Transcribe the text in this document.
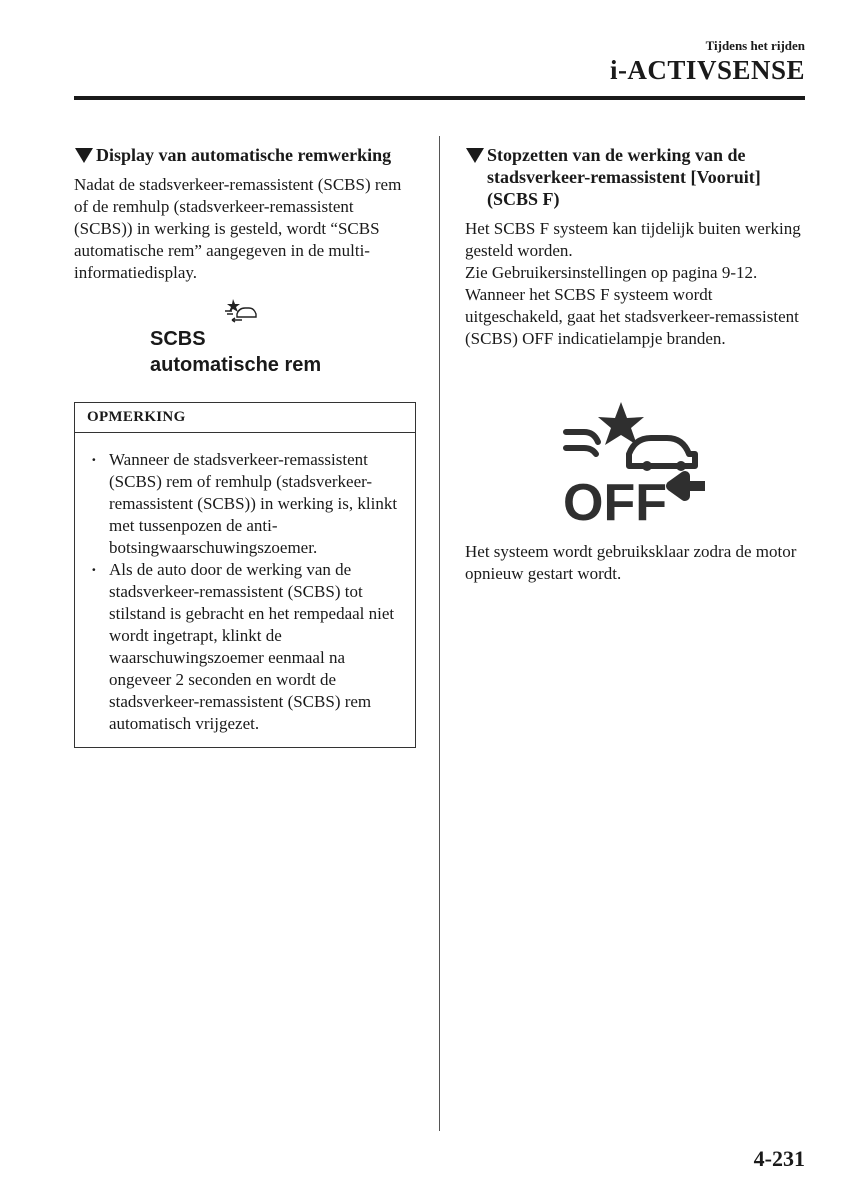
Tijdens het rijden
i-ACTIVSENSE
Display van automatische remwerking

Nadat de stadsverkeer-remassistent (SCBS) rem of de remhulp (stadsverkeer-remassistent (SCBS)) in werking is gesteld, wordt “SCBS automatische rem” aangegeven in de multi-informatiedisplay.

SCBS
automatische rem
OPMERKING
· Wanneer de stadsverkeer-remassistent (SCBS) rem of remhulp (stadsverkeer-remassistent (SCBS)) in werking is, klinkt met tussenpozen de anti-botsingwaarschuwingszoemer.
· Als de auto door de werking van de stadsverkeer-remassistent (SCBS) tot stilstand is gebracht en het rempedaal niet wordt ingetrapt, klinkt de waarschuwingszoemer eenmaal na ongeveer 2 seconden en wordt de stadsverkeer-remassistent (SCBS) rem automatisch vrijgezet.
Stopzetten van de werking van de stadsverkeer-remassistent [Vooruit] (SCBS F)

Het SCBS F systeem kan tijdelijk buiten werking gesteld worden.

Zie Gebruikersinstellingen op pagina 9-12.

Wanneer het SCBS F systeem wordt uitgeschakeld, gaat het stadsverkeer-remassistent (SCBS) OFF indicatielampje branden.

OFF

Het systeem wordt gebruiksklaar zodra de motor opnieuw gestart wordt.

4-231
